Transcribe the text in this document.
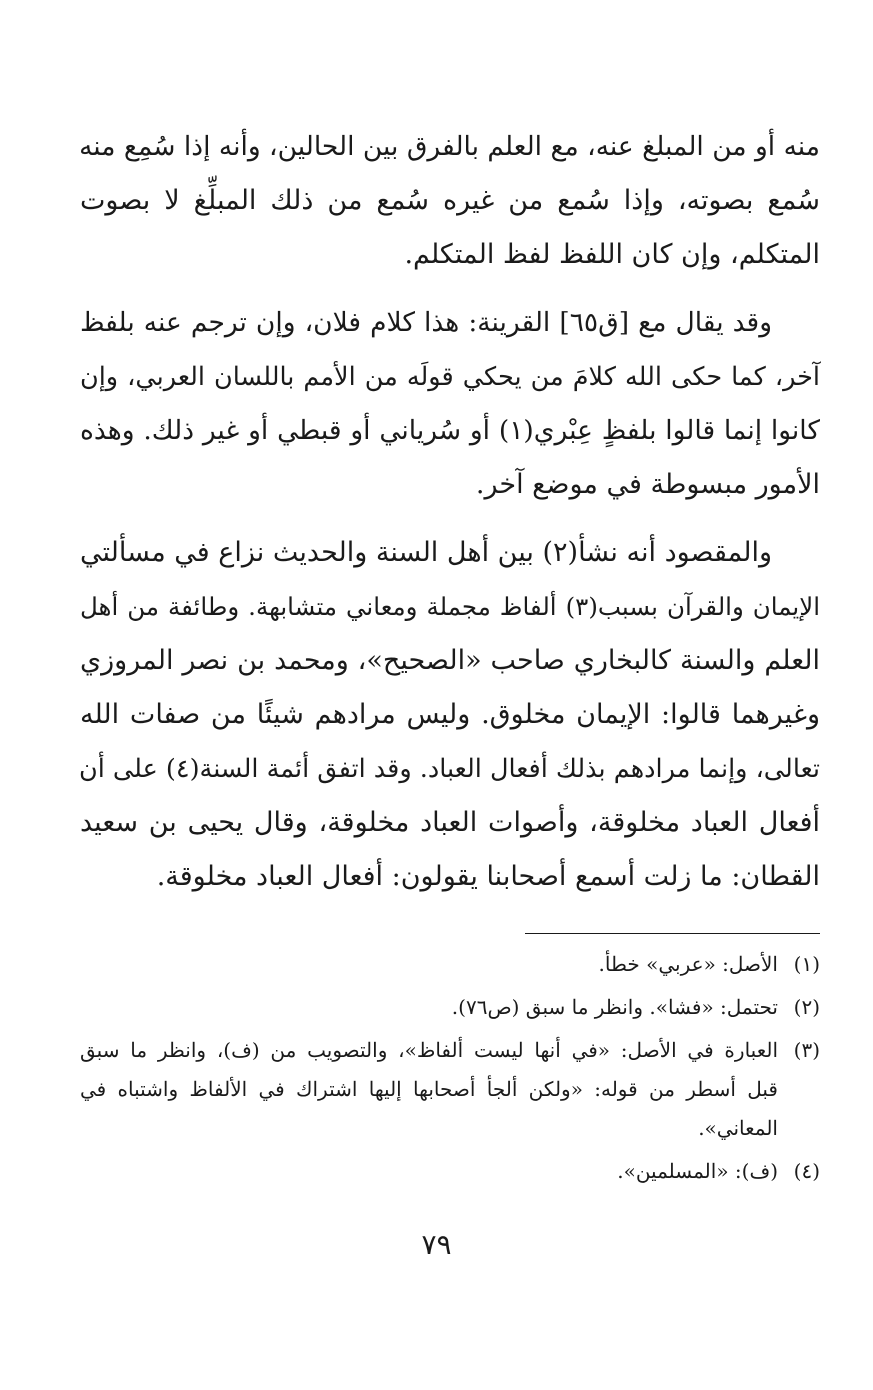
منه أو من المبلغ عنه، مع العلم بالفرق بين الحالين، وأنه إذا سُمِع منه
سُمع بصوته، وإذا سُمع من غيره سُمع من ذلك المبلِّغ لا بصوت
المتكلم، وإن كان اللفظ لفظ المتكلم.

وقد يقال مع [ق٦٥] القرينة: هذا كلام فلان، وإن ترجم عنه بلفظ
آخر، كما حكى الله كلامَ من يحكي قولَه من الأمم باللسان العربي، وإن
كانوا إنما قالوا بلفظٍ عِبْري(١) أو سُرياني أو قبطي أو غير ذلك. وهذه
الأمور مبسوطة في موضع آخر.

والمقصود أنه نشأ(٢) بين أهل السنة والحديث نزاع في مسألتي
الإيمان والقرآن بسبب(٣) ألفاظ مجملة ومعاني متشابهة. وطائفة من أهل
العلم والسنة كالبخاري صاحب «الصحيح»، ومحمد بن نصر المروزي
وغيرهما قالوا: الإيمان مخلوق. وليس مرادهم شيئًا من صفات الله
تعالى، وإنما مرادهم بذلك أفعال العباد. وقد اتفق أئمة السنة(٤) على أن
أفعال العباد مخلوقة، وأصوات العباد مخلوقة، وقال يحيى بن سعيد
القطان: ما زلت أسمع أصحابنا يقولون: أفعال العباد مخلوقة.

(١)
الأصل: «عربي» خطأ.
(٢)
تحتمل: «فشا». وانظر ما سبق (ص٧٦).
(٣)
العبارة في الأصل: «في أنها ليست ألفاظ»، والتصويب من (ف)، وانظر ما سبق
قبل أسطر من قوله: «ولكن ألجأ أصحابها إليها اشتراك في الألفاظ واشتباه في
المعاني».
(٤)
(ف): «المسلمين».
٧٩
